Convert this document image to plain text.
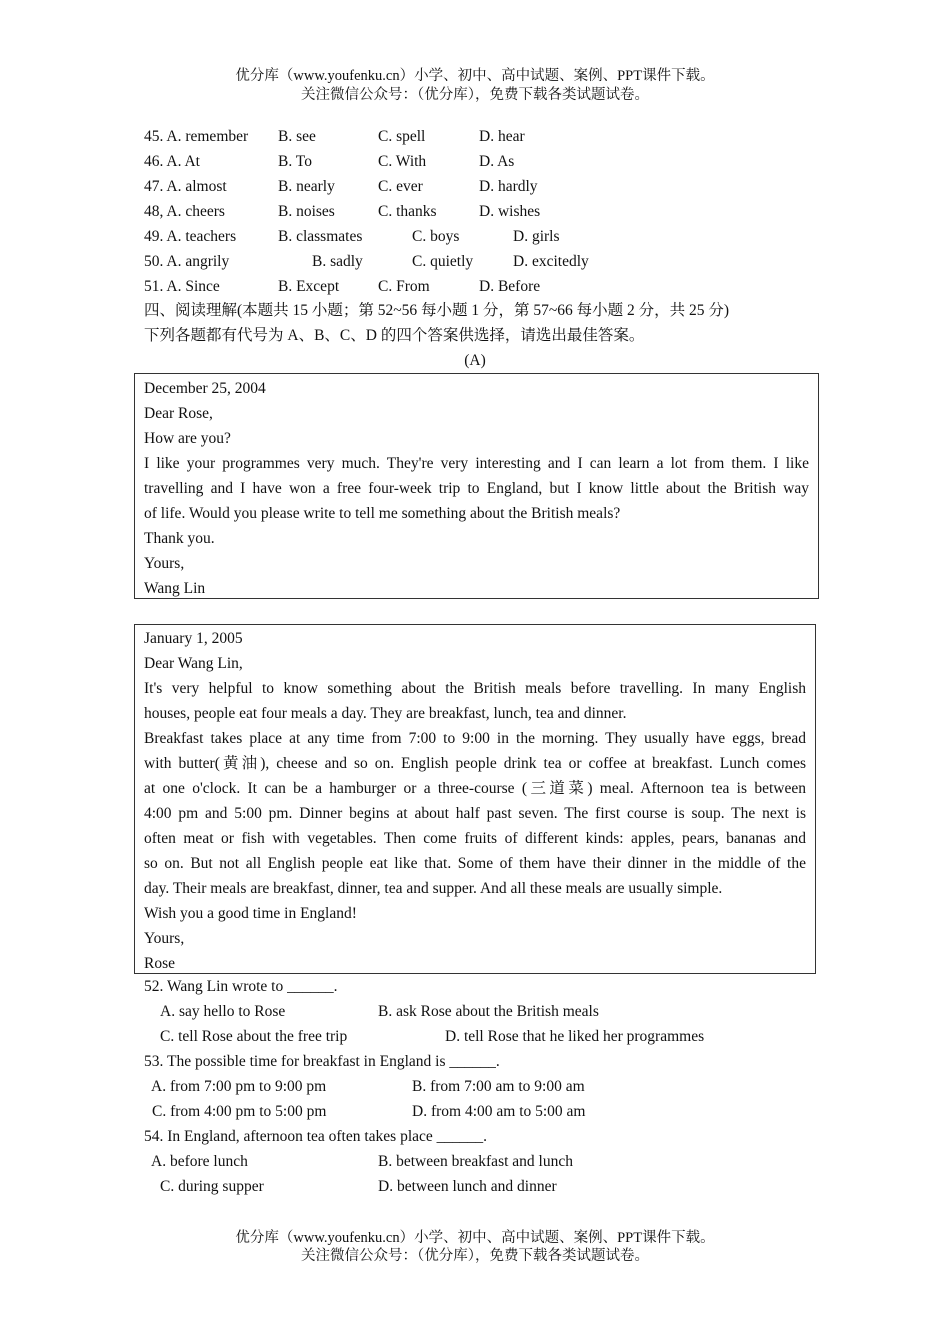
优分库（www.youfenku.cn）小学、初中、高中试题、案例、PPT课件下载。
关注微信公众号：（优分库），免费下载各类试题试卷。
45. A. remember B. see	C. spell	D. hear
46. A. At	B. To	C. With	D. As
47. A. almost	B. nearly	C. ever	D. hardly
48, A. cheers	B. noises	C. thanks	D. wishes
49. A. teachers	B. classmates	C. boys	D. girls
50. A. angrily	B. sadly	C. quietly	D. excitedly
51. A. Since	B. Except	C. From	D. Before
四、阅读理解(本题共 15 小题；第 52~56 每小题 1 分，第 57~66 每小题 2 分，共 25 分)
下列各题都有代号为 A、B、C、D 的四个答案供选择，请选出最佳答案。
(A)
December 25, 2004
Dear Rose,
How are you?
I like your programmes very much. They're very interesting and I can learn a lot from them. I like
travelling and I have won a free four-week trip to England, but I know little about the British way
of life. Would you please write to tell me something about the British meals?
Thank you.
Yours,
Wang Lin
January 1, 2005
Dear Wang Lin,
It's very helpful to know something about the British meals before travelling. In many English
houses, people eat four meals a day. They are breakfast, lunch, tea and dinner.
Breakfast takes place at any time from 7:00 to 9:00 in the morning. They usually have eggs, bread
with butter(黄油), cheese and so on. English people drink tea or coffee at breakfast. Lunch comes
at one o'clock. It can be a hamburger or a three-course (三道菜) meal. Afternoon tea is between
4:00 pm and 5:00 pm. Dinner begins at about half past seven. The first course is soup. The next is
often meat or fish with vegetables. Then come fruits of different kinds: apples, pears, bananas and
so on. But not all English people eat like that. Some of them have their dinner in the middle of the
day. Their meals are breakfast, dinner, tea and supper. And all these meals are usually simple.
Wish you a good time in England!
Yours,
Rose
52. Wang Lin wrote to ______.
A. say hello to Rose	B. ask Rose about the British meals
C. tell Rose about the free trip	D. tell Rose that he liked her programmes
53. The possible time for breakfast in England is ______.
A. from 7:00 pm to 9:00 pm	B. from 7:00 am to 9:00 am
C. from 4:00 pm to 5:00 pm	D. from 4:00 am to 5:00 am
54. In England, afternoon tea often takes place ______.
A. before lunch	B. between breakfast and lunch
C. during supper	D. between lunch and dinner
优分库（www.youfenku.cn）小学、初中、高中试题、案例、PPT课件下载。
关注微信公众号：（优分库），免费下载各类试题试卷。
